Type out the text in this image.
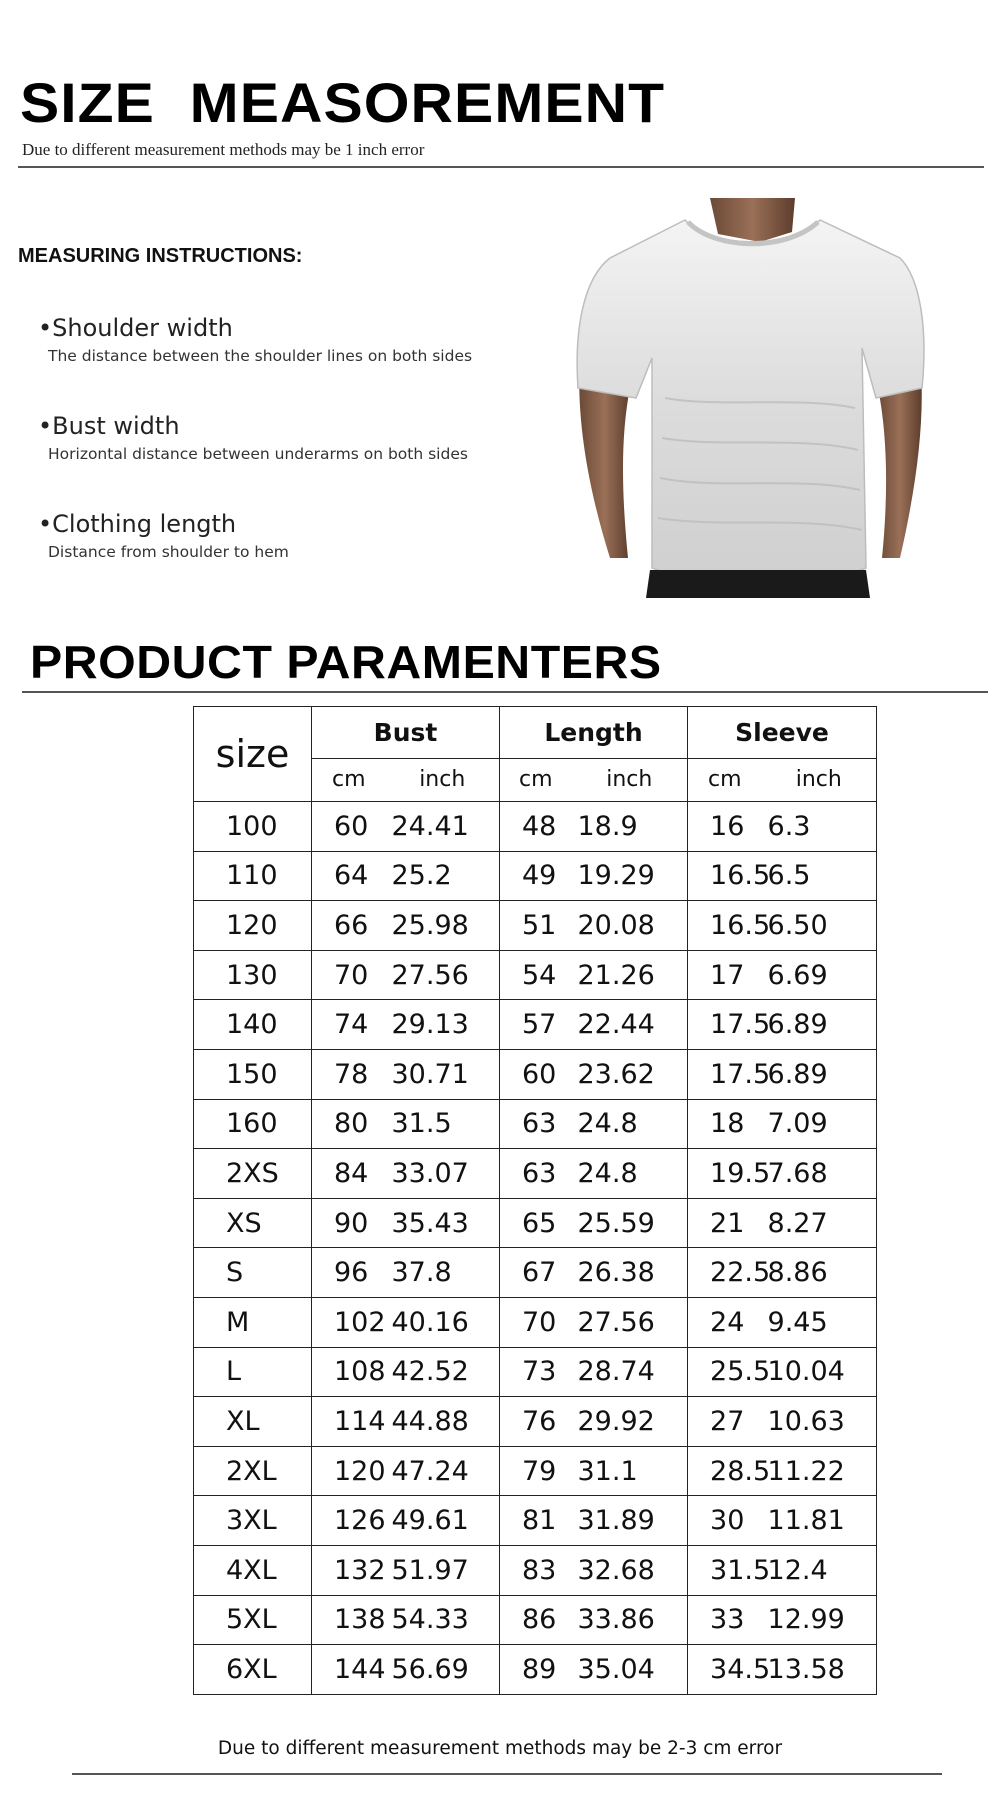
SIZE  MEASOREMENT

Due to different measurement methods may be 1 inch error

MEASURING INSTRUCTIONS:

•Shoulder width

The distance between the shoulder lines on both sides

•Bust width

Horizontal distance between underarms on both sides

•Clothing length

Distance from shoulder to hem

PRODUCT PARAMENTERS
size	Bust		Length		Sleeve	
	cm	inch	cm	inch	cm	inch
100	60	24.41	48	18.9	16	6.3
110	64	25.2	49	19.29	16.5	6.5
120	66	25.98	51	20.08	16.5	6.50
130	70	27.56	54	21.26	17	6.69
140	74	29.13	57	22.44	17.5	6.89
150	78	30.71	60	23.62	17.5	6.89
160	80	31.5	63	24.8	18	7.09
2XS	84	33.07	63	24.8	19.5	7.68
XS	90	35.43	65	25.59	21	8.27
S	96	37.8	67	26.38	22.5	8.86
M	102	40.16	70	27.56	24	9.45
L	108	42.52	73	28.74	25.5	10.04
XL	114	44.88	76	29.92	27	10.63
2XL	120	47.24	79	31.1	28.5	11.22
3XL	126	49.61	81	31.89	30	11.81
4XL	132	51.97	83	32.68	31.5	12.4
5XL	138	54.33	86	33.86	33	12.99
6XL	144	56.69	89	35.04	34.5	13.58

Due to different measurement methods may be 2-3 cm error
